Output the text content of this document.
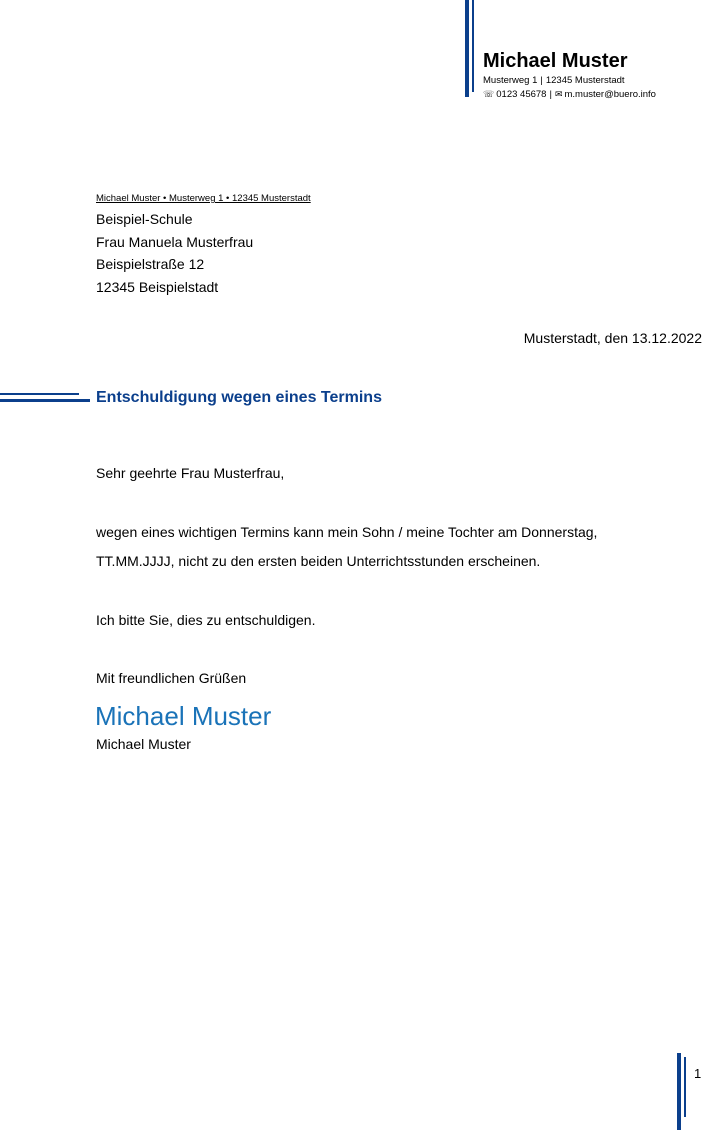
Michael Muster
Musterweg 1 | 12345 Musterstadt
☏ 0123 45678 | ✉ m.muster@buero.info
Michael Muster • Musterweg 1 • 12345 Musterstadt
Beispiel-Schule
Frau Manuela Musterfrau
Beispielstraße 12
12345 Beispielstadt
Musterstadt, den 13.12.2022
Entschuldigung wegen eines Termins
Sehr geehrte Frau Musterfrau,
wegen eines wichtigen Termins kann mein Sohn / meine Tochter am Donnerstag,
TT.MM.JJJJ, nicht zu den ersten beiden Unterrichtsstunden erscheinen.
Ich bitte Sie, dies zu entschuldigen.
Mit freundlichen Grüßen
Michael Muster
Michael Muster
1
